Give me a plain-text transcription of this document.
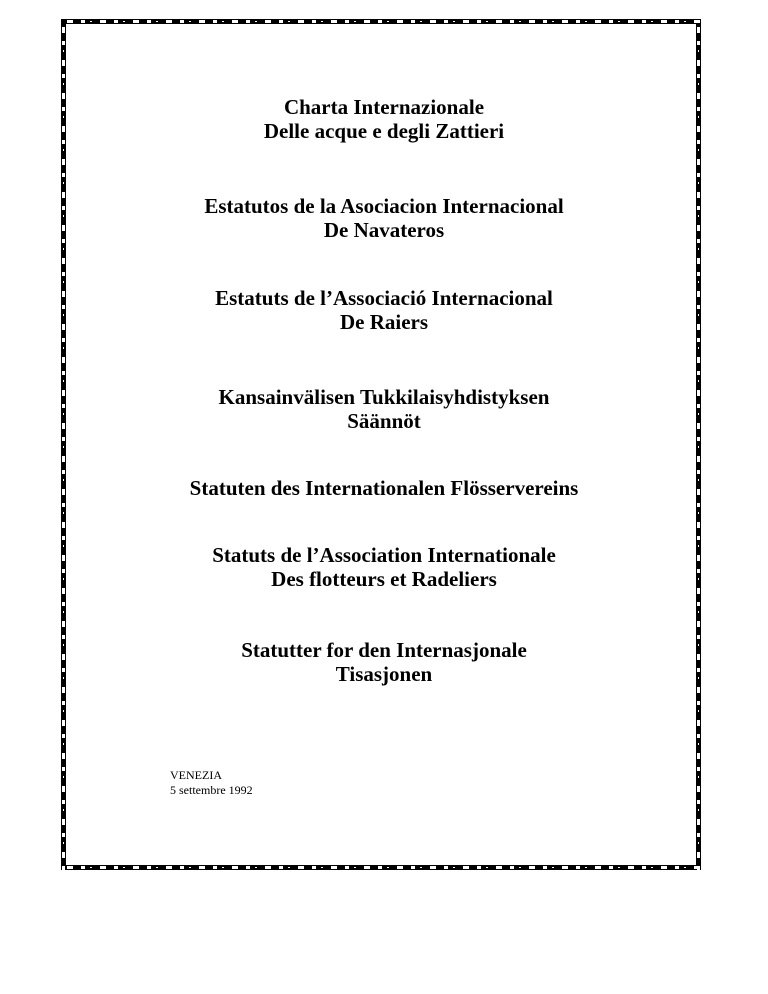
Charta Internazionale
Delle acque e degli Zattieri
Estatutos de la Asociacion Internacional
De Navateros
Estatuts de l’Associació Internacional
De Raiers
Kansainvälisen Tukkilaisyhdistyksen
Säännöt
Statuten des Internationalen Flösservereins
Statuts de l’Association Internationale
Des flotteurs et Radeliers
Statutter for den Internasjonale
Tisasjonen
VENEZIA
5 settembre 1992
